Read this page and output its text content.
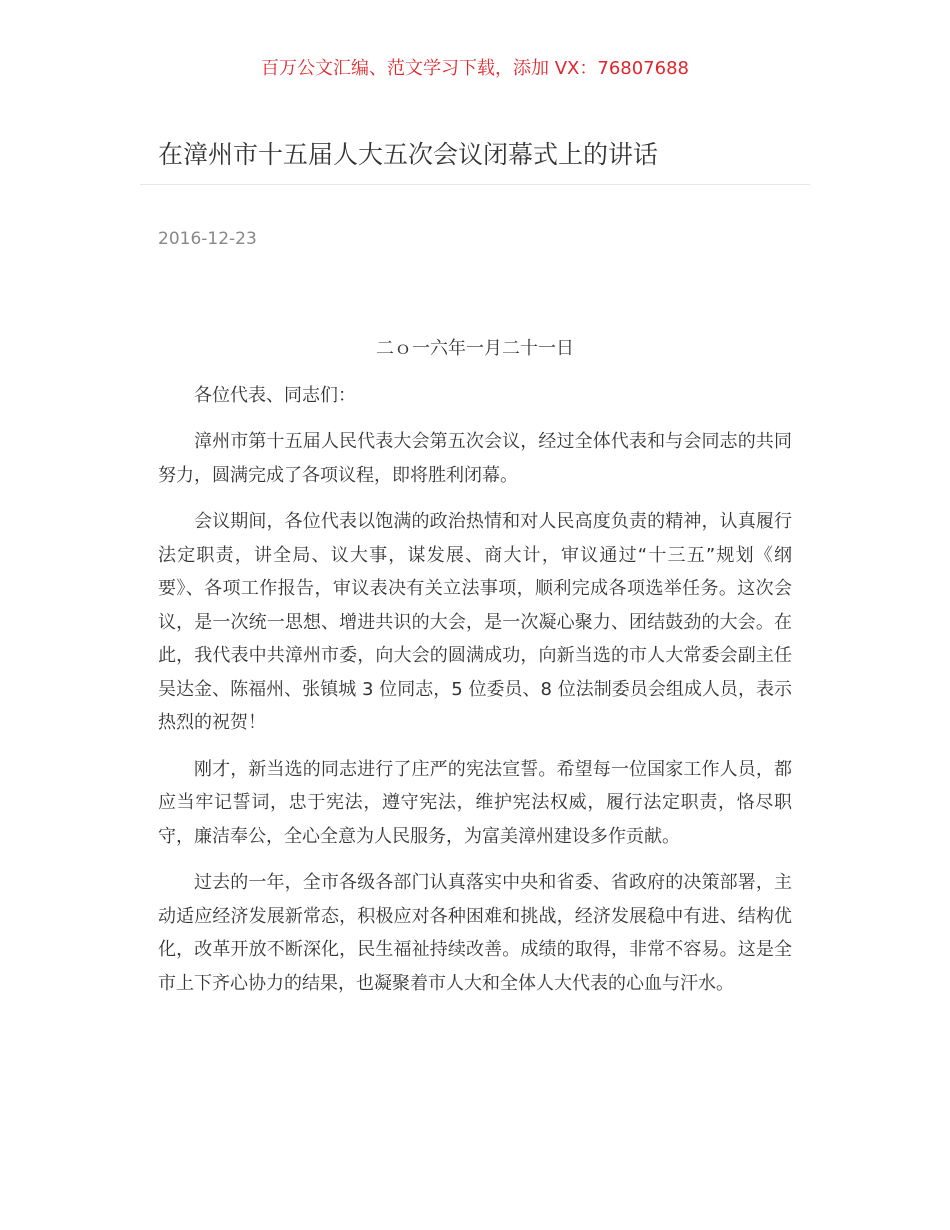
百万公文汇编、范文学习下载，添加 VX：76807688
在漳州市十五届人大五次会议闭幕式上的讲话
2016-12-23

二ｏ一六年一月二十一日

各位代表、同志们：

漳州市第十五届人民代表大会第五次会议，经过全体代表和与会同志的共同努力，圆满完成了各项议程，即将胜利闭幕。

会议期间，各位代表以饱满的政治热情和对人民高度负责的精神，认真履行法定职责，讲全局、议大事，谋发展、商大计，审议通过“十三五”规划《纲要》、各项工作报告，审议表决有关立法事项，顺利完成各项选举任务。这次会议，是一次统一思想、增进共识的大会，是一次凝心聚力、团结鼓劲的大会。在此，我代表中共漳州市委，向大会的圆满成功，向新当选的市人大常委会副主任吴达金、陈福州、张镇城 3 位同志，5 位委员、8 位法制委员会组成人员，表示热烈的祝贺！

刚才，新当选的同志进行了庄严的宪法宣誓。希望每一位国家工作人员，都应当牢记誓词，忠于宪法，遵守宪法，维护宪法权威，履行法定职责，恪尽职守，廉洁奉公，全心全意为人民服务，为富美漳州建设多作贡献。

过去的一年，全市各级各部门认真落实中央和省委、省政府的决策部署，主动适应经济发展新常态，积极应对各种困难和挑战，经济发展稳中有进、结构优化，改革开放不断深化，民生福祉持续改善。成绩的取得，非常不容易。这是全市上下齐心协力的结果，也凝聚着市人大和全体人大代表的心血与汗水。
